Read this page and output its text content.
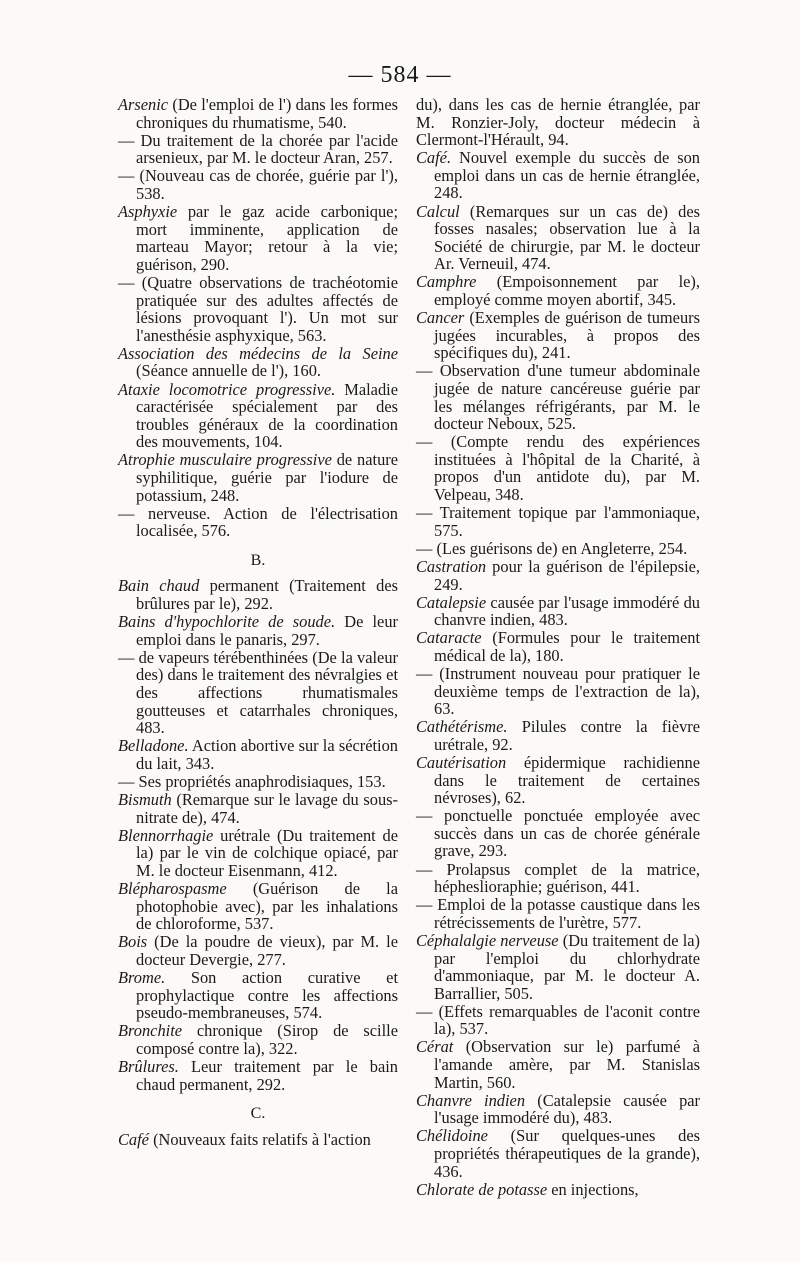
— 584 —
Arsenic (De l'emploi de l') dans les formes chroniques du rhumatisme, 540.
— Du traitement de la chorée par l'acide arsenieux, par M. le docteur Aran, 257.
— (Nouveau cas de chorée, guérie par l'), 538.
Asphyxie par le gaz acide carbonique; mort imminente, application de marteau Mayor; retour à la vie; guérison, 290.
— (Quatre observations de trachéotomie pratiquée sur des adultes affectés de lésions provoquant l'). Un mot sur l'anesthésie asphyxique, 563.
Association des médecins de la Seine (Séance annuelle de l'), 160.
Ataxie locomotrice progressive. Maladie caractérisée spécialement par des troubles généraux de la coordination des mouvements, 104.
Atrophie musculaire progressive de nature syphilitique, guérie par l'iodure de potassium, 248.
— nerveuse. Action de l'électrisation localisée, 576.
B.
Bain chaud permanent (Traitement des brûlures par le), 292.
Bains d'hypochlorite de soude. De leur emploi dans le panaris, 297.
— de vapeurs térébenthinées (De la valeur des) dans le traitement des névralgies et des affections rhumatismales goutteuses et catarrhales chroniques, 483.
Belladone. Action abortive sur la sécrétion du lait, 343.
— Ses propriétés anaphrodisiaques, 153.
Bismuth (Remarque sur le lavage du sous-nitrate de), 474.
Blennorrhagie urétrale (Du traitement de la) par le vin de colchique opiacé, par M. le docteur Eisenmann, 412.
Blépharospasme (Guérison de la photophobie avec), par les inhalations de chloroforme, 537.
Bois (De la poudre de vieux), par M. le docteur Devergie, 277.
Brome. Son action curative et prophylactique contre les affections pseudo-membraneuses, 574.
Bronchite chronique (Sirop de scille composé contre la), 322.
Brûlures. Leur traitement par le bain chaud permanent, 292.
C.
Café (Nouveaux faits relatifs à l'action
du), dans les cas de hernie étranglée, par M. Ronzier-Joly, docteur médecin à Clermont-l'Hérault, 94.
Café. Nouvel exemple du succès de son emploi dans un cas de hernie étranglée, 248.
Calcul (Remarques sur un cas de) des fosses nasales; observation lue à la Société de chirurgie, par M. le docteur Ar. Verneuil, 474.
Camphre (Empoisonnement par le), employé comme moyen abortif, 345.
Cancer (Exemples de guérison de tumeurs jugées incurables, à propos des spécifiques du), 241.
— Observation d'une tumeur abdominale jugée de nature cancéreuse guérie par les mélanges réfrigérants, par M. le docteur Neboux, 525.
— (Compte rendu des expériences instituées à l'hôpital de la Charité, à propos d'un antidote du), par M. Velpeau, 348.
— Traitement topique par l'ammoniaque, 575.
— (Les guérisons de) en Angleterre, 254.
Castration pour la guérison de l'épilepsie, 249.
Catalepsie causée par l'usage immodéré du chanvre indien, 483.
Cataracte (Formules pour le traitement médical de la), 180.
— (Instrument nouveau pour pratiquer le deuxième temps de l'extraction de la), 63.
Cathétérisme. Pilules contre la fièvre urétrale, 92.
Cautérisation épidermique rachidienne dans le traitement de certaines névroses), 62.
— ponctuelle ponctuée employée avec succès dans un cas de chorée générale grave, 293.
— Prolapsus complet de la matrice, hépheslioraphie; guérison, 441.
— Emploi de la potasse caustique dans les rétrécissements de l'urètre, 577.
Céphalalgie nerveuse (Du traitement de la) par l'emploi du chlorhydrate d'ammoniaque, par M. le docteur A. Barrallier, 505.
— (Effets remarquables de l'aconit contre la), 537.
Cérat (Observation sur le) parfumé à l'amande amère, par M. Stanislas Martin, 560.
Chanvre indien (Catalepsie causée par l'usage immodéré du), 483.
Chélidoine (Sur quelques-unes des propriétés thérapeutiques de la grande), 436.
Chlorate de potasse en injections,
